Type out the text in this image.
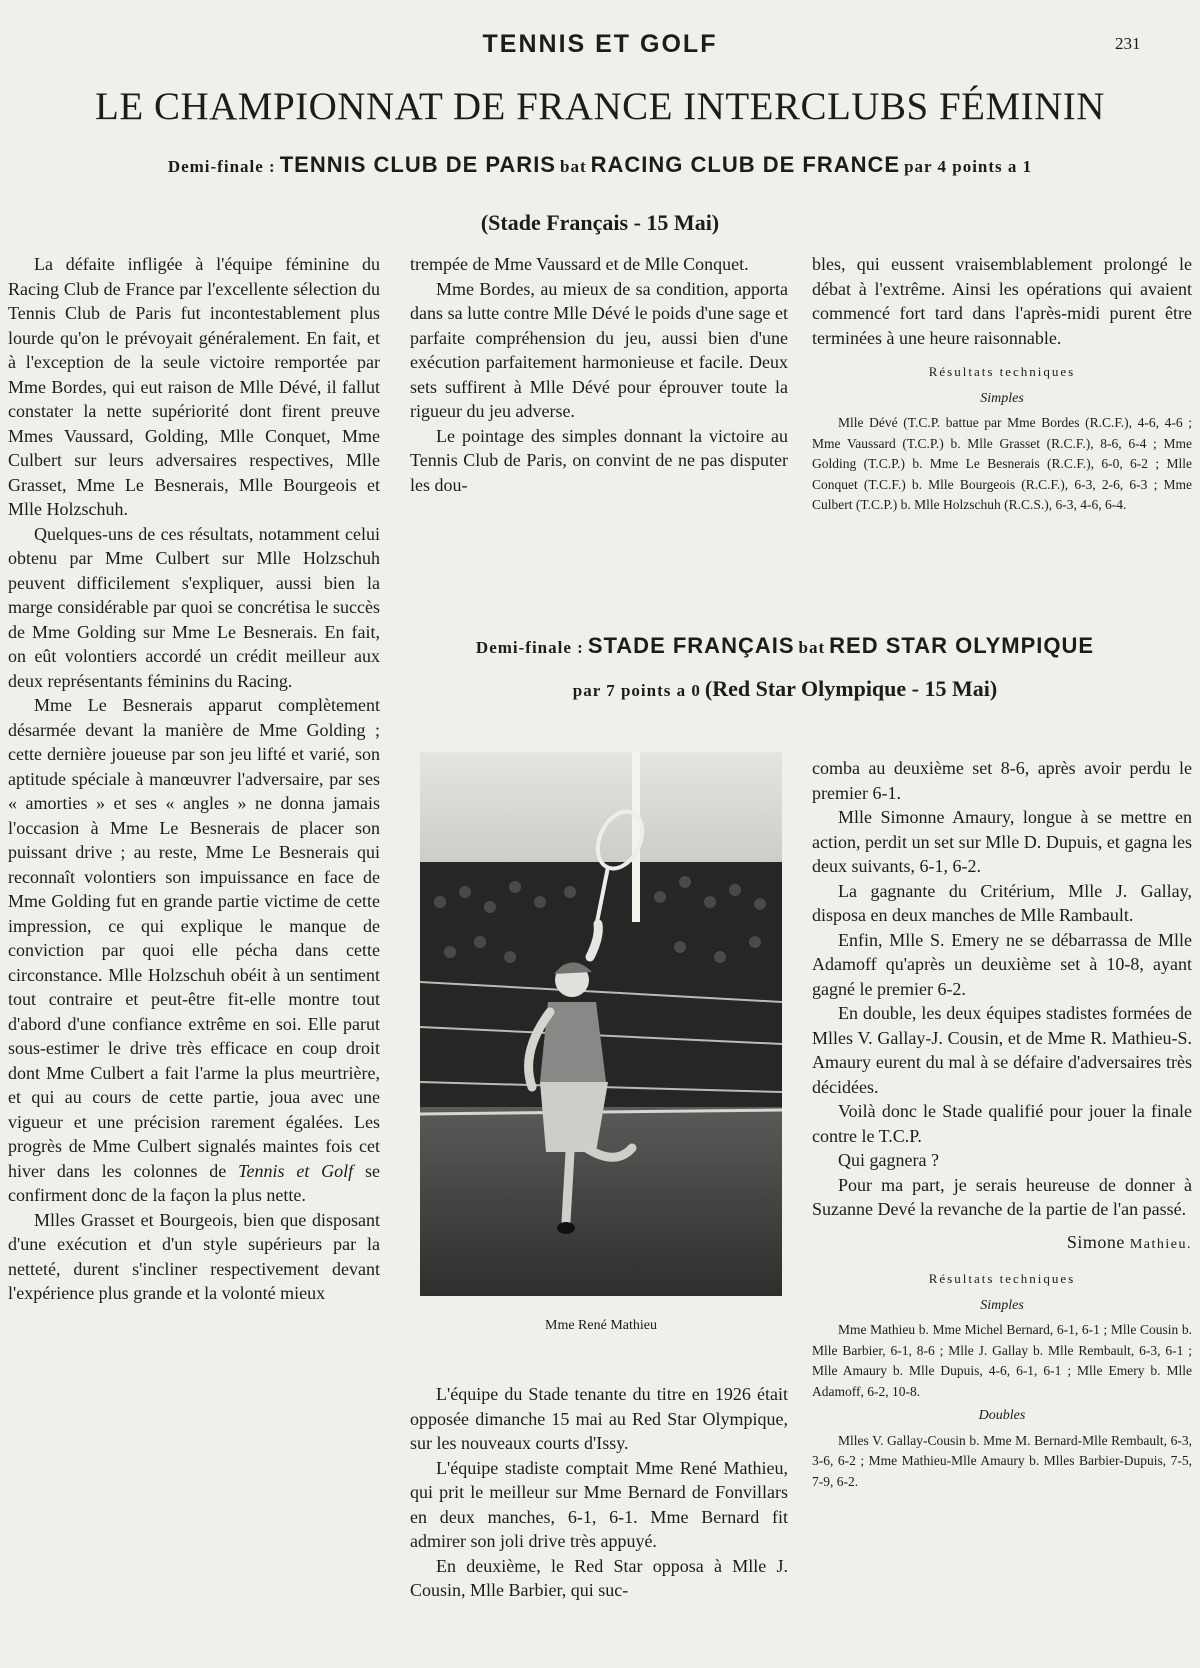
TENNIS ET GOLF	231
LE CHAMPIONNAT DE FRANCE INTERCLUBS FÉMININ
Demi-finale : TENNIS CLUB DE PARIS bat RACING CLUB DE FRANCE par 4 points a 1
(Stade Français - 15 Mai)

La défaite infligée à l'équipe féminine du Racing Club de France par l'excellente sélection du Tennis Club de Paris fut incontestablement plus lourde qu'on le prévoyait généralement. En fait, et à l'exception de la seule victoire remportée par Mme Bordes, qui eut raison de Mlle Dévé, il fallut constater la nette supériorité dont firent preuve Mmes Vaussard, Golding, Mlle Conquet, Mme Culbert sur leurs adversaires respectives, Mlle Grasset, Mme Le Besnerais, Mlle Bourgeois et Mlle Holzschuh.

Quelques-uns de ces résultats, notamment celui obtenu par Mme Culbert sur Mlle Holzschuh peuvent difficilement s'expliquer, aussi bien la marge considérable par quoi se concrétisa le succès de Mme Golding sur Mme Le Besnerais. En fait, on eût volontiers accordé un crédit meilleur aux deux représentants féminins du Racing.

Mme Le Besnerais apparut complètement désarmée devant la manière de Mme Golding ; cette dernière joueuse par son jeu lifté et varié, son aptitude spéciale à manœuvrer l'adversaire, par ses « amorties » et ses « angles » ne donna jamais l'occasion à Mme Le Besnerais de placer son puissant drive ; au reste, Mme Le Besnerais qui reconnaît volontiers son impuissance en face de Mme Golding fut en grande partie victime de cette impression, ce qui explique le manque de conviction par quoi elle pécha dans cette circonstance. Mlle Holzschuh obéit à un sentiment tout contraire et peut-être fit-elle montre tout d'abord d'une confiance extrême en soi. Elle parut sous-estimer le drive très efficace en coup droit dont Mme Culbert a fait l'arme la plus meurtrière, et qui au cours de cette partie, joua avec une vigueur et une précision rarement égalées. Les progrès de Mme Culbert signalés maintes fois cet hiver dans les colonnes de Tennis et Golf se confirment donc de la façon la plus nette.

Mlles Grasset et Bourgeois, bien que disposant d'une exécution et d'un style supérieurs par la netteté, durent s'incliner respectivement devant l'expérience plus grande et la volonté mieux

trempée de Mme Vaussard et de Mlle Conquet.

Mme Bordes, au mieux de sa condition, apporta dans sa lutte contre Mlle Dévé le poids d'une sage et parfaite compréhension du jeu, aussi bien d'une exécution parfaitement harmonieuse et facile. Deux sets suffirent à Mlle Dévé pour éprouver toute la rigueur du jeu adverse.

Le pointage des simples donnant la victoire au Tennis Club de Paris, on convint de ne pas disputer les dou-

bles, qui eussent vraisemblablement prolongé le débat à l'extrême. Ainsi les opérations qui avaient commencé fort tard dans l'après-midi purent être terminées à une heure raisonnable.

Résultats techniques
Simples

Mlle Dévé (T.C.P. battue par Mme Bordes (R.C.F.), 4-6, 4-6 ; Mme Vaussard (T.C.P.) b. Mlle Grasset (R.C.F.), 8-6, 6-4 ; Mme Golding (T.C.P.) b. Mme Le Besnerais (R.C.F.), 6-0, 6-2 ; Mlle Conquet (T.C.F.) b. Mlle Bourgeois (R.C.F.), 6-3, 2-6, 6-3 ; Mme Culbert (T.C.P.) b. Mlle Holzschuh (R.C.S.), 6-3, 4-6, 6-4.

Demi-finale : STADE FRANÇAIS bat RED STAR OLYMPIQUE
par 7 points a 0 (Red Star Olympique - 15 Mai)
Mme René Mathieu

L'équipe du Stade tenante du titre en 1926 était opposée dimanche 15 mai au Red Star Olympique, sur les nouveaux courts d'Issy.

L'équipe stadiste comptait Mme René Mathieu, qui prit le meilleur sur Mme Bernard de Fonvillars en deux manches, 6-1, 6-1. Mme Bernard fit admirer son joli drive très appuyé.

En deuxième, le Red Star opposa à Mlle J. Cousin, Mlle Barbier, qui suc-

comba au deuxième set 8-6, après avoir perdu le premier 6-1.

Mlle Simonne Amaury, longue à se mettre en action, perdit un set sur Mlle D. Dupuis, et gagna les deux suivants, 6-1, 6-2.

La gagnante du Critérium, Mlle J. Gallay, disposa en deux manches de Mlle Rambault.

Enfin, Mlle S. Emery ne se débarrassa de Mlle Adamoff qu'après un deuxième set à 10-8, ayant gagné le premier 6-2.

En double, les deux équipes stadistes formées de Mlles V. Gallay-J. Cousin, et de Mme R. Mathieu-S. Amaury eurent du mal à se défaire d'adversaires très décidées.

Voilà donc le Stade qualifié pour jouer la finale contre le T.C.P.

Qui gagnera ?

Pour ma part, je serais heureuse de donner à Suzanne Devé la revanche de la partie de l'an passé.

Simone Mathieu.
Résultats techniques
Simples

Mme Mathieu b. Mme Michel Bernard, 6-1, 6-1 ; Mlle Cousin b. Mlle Barbier, 6-1, 8-6 ; Mlle J. Gallay b. Mlle Rembault, 6-3, 6-1 ; Mlle Amaury b. Mlle Dupuis, 4-6, 6-1, 6-1 ; Mlle Emery b. Mlle Adamoff, 6-2, 10-8.

Doubles

Mlles V. Gallay-Cousin b. Mme M. Bernard-Mlle Rembault, 6-3, 3-6, 6-2 ; Mme Mathieu-Mlle Amaury b. Mlles Barbier-Dupuis, 7-5, 7-9, 6-2.
